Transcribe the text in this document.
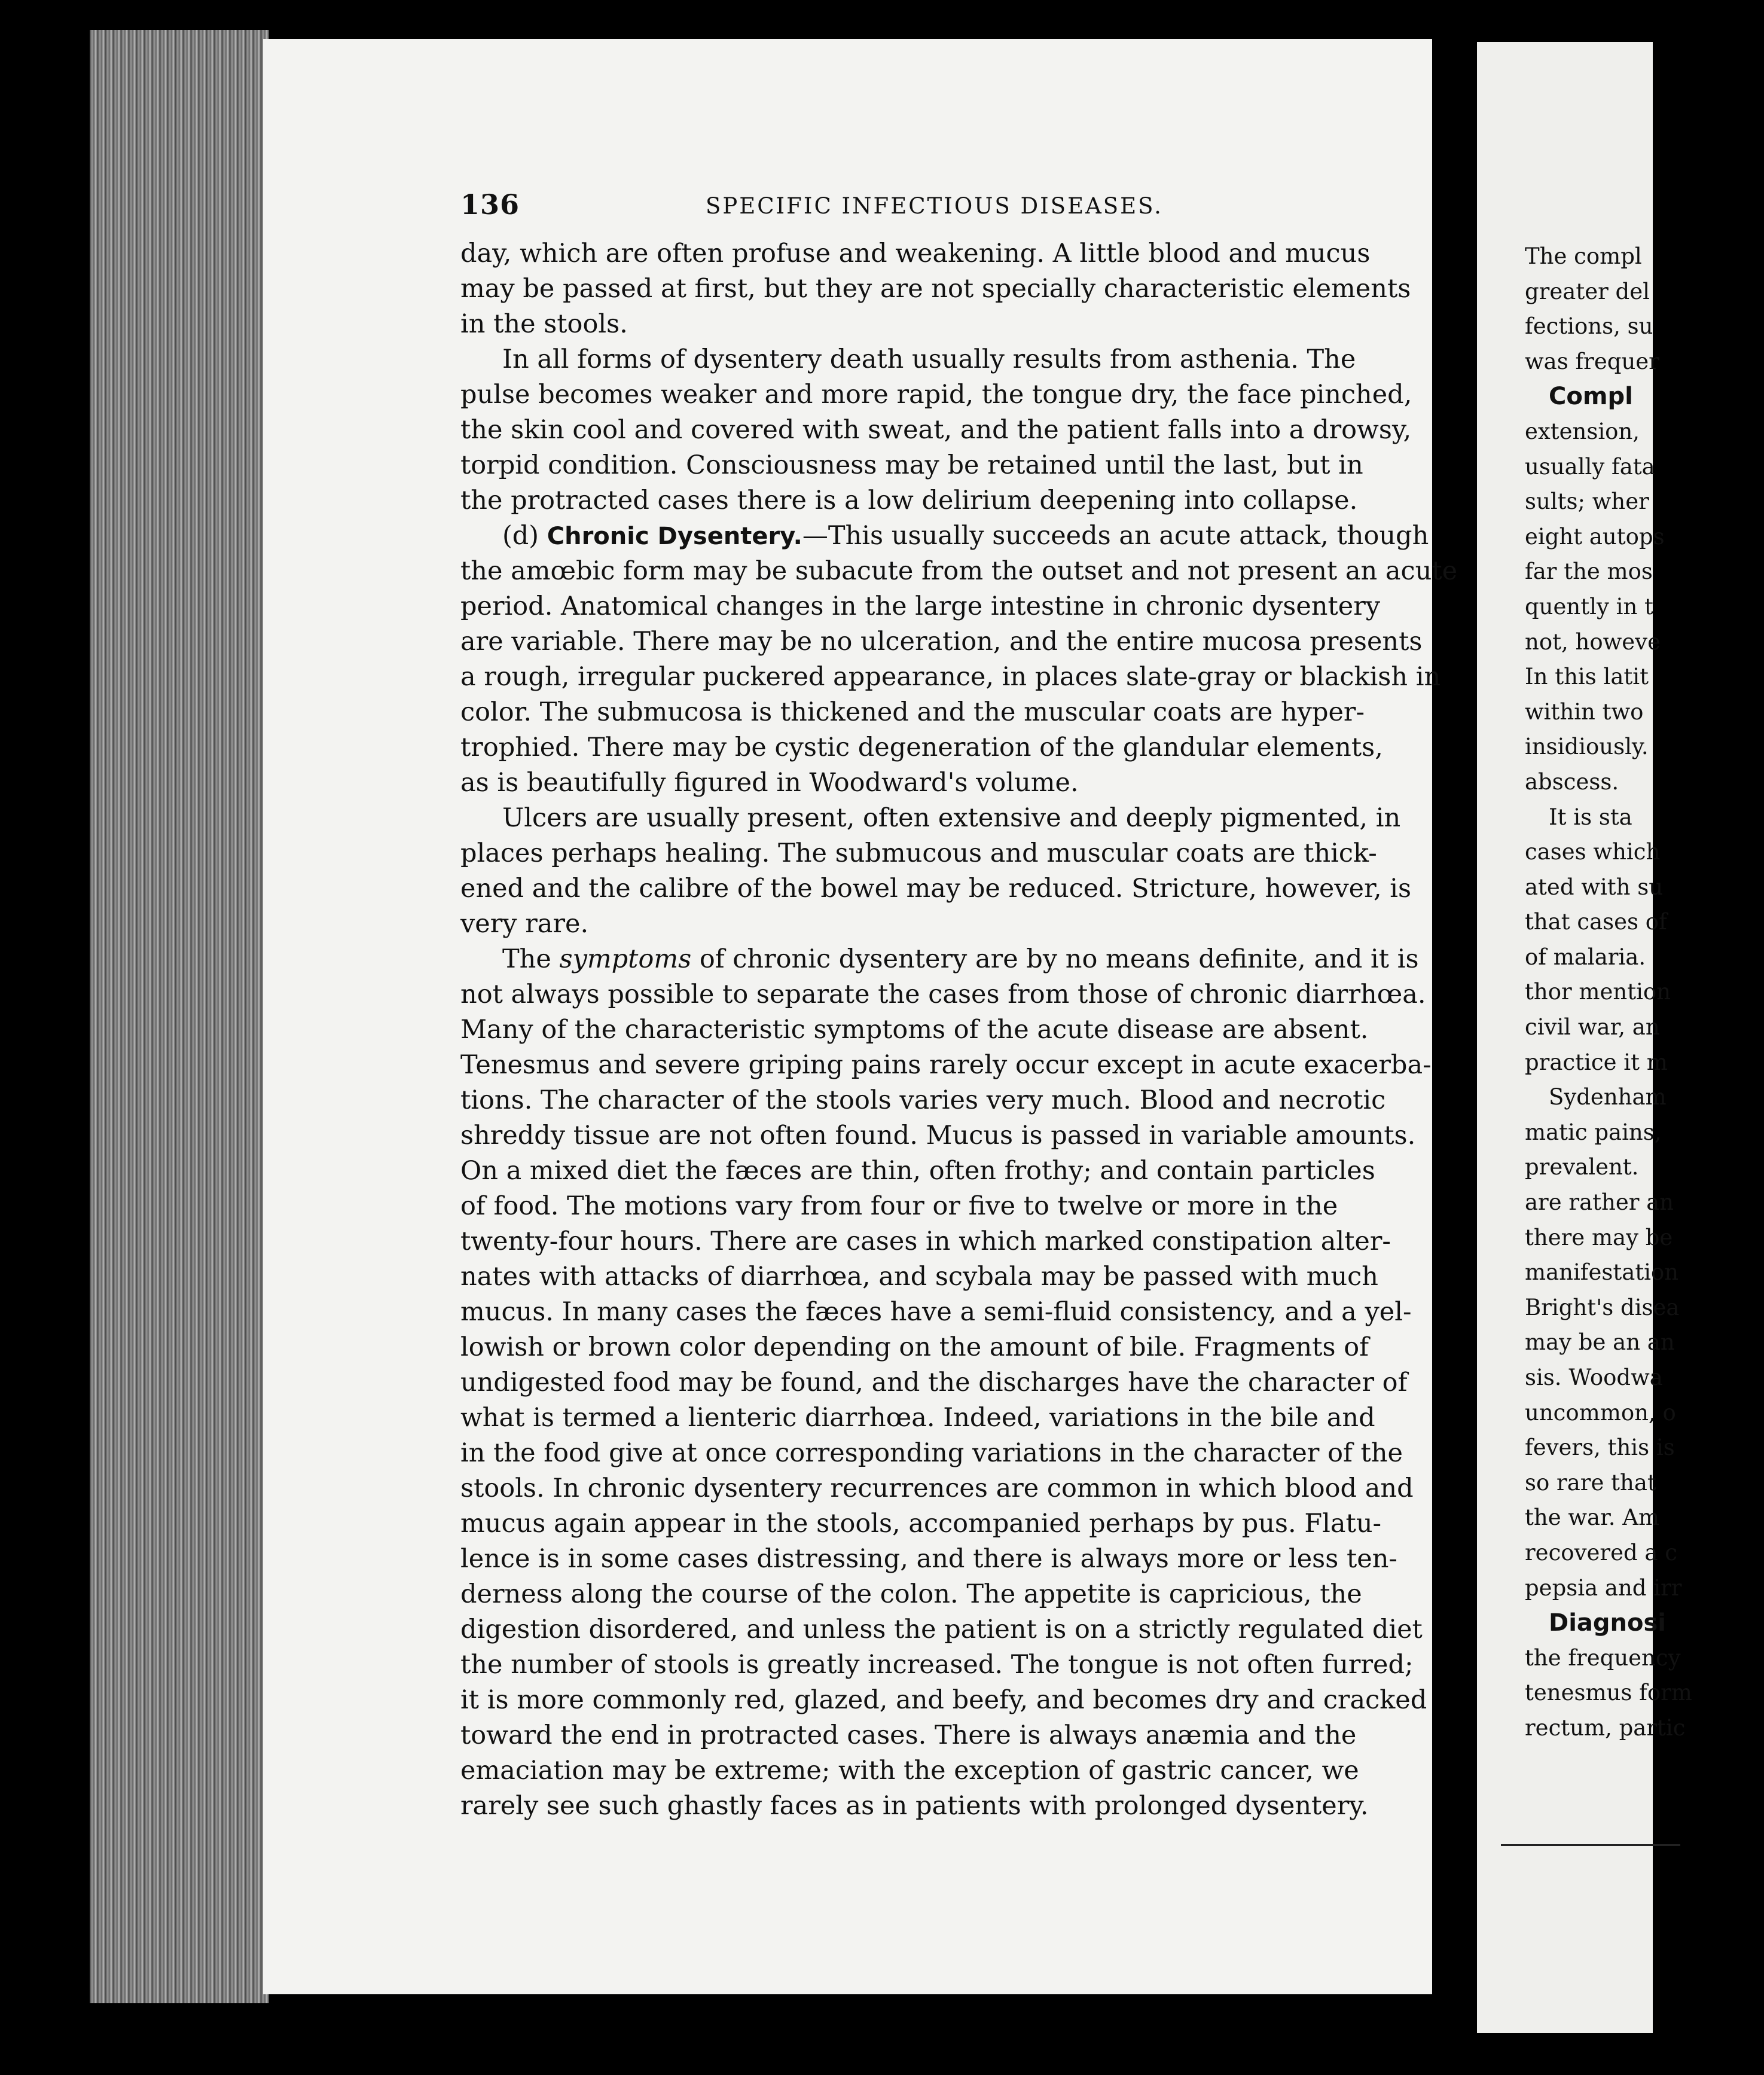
136	SPECIFIC INFECTIOUS DISEASES.
day, which are often profuse and weakening. A little blood and mucus
may be passed at first, but they are not specially characteristic elements
in the stools.
In all forms of dysentery death usually results from asthenia. The
pulse becomes weaker and more rapid, the tongue dry, the face pinched,
the skin cool and covered with sweat, and the patient falls into a drowsy,
torpid condition. Consciousness may be retained until the last, but in
the protracted cases there is a low delirium deepening into collapse.
(d) Chronic Dysentery.—This usually succeeds an acute attack, though
the amœbic form may be subacute from the outset and not present an acute
period. Anatomical changes in the large intestine in chronic dysentery
are variable. There may be no ulceration, and the entire mucosa presents
a rough, irregular puckered appearance, in places slate-gray or blackish in
color. The submucosa is thickened and the muscular coats are hyper-
trophied. There may be cystic degeneration of the glandular elements,
as is beautifully figured in Woodward's volume.
Ulcers are usually present, often extensive and deeply pigmented, in
places perhaps healing. The submucous and muscular coats are thick-
ened and the calibre of the bowel may be reduced. Stricture, however, is
very rare.
The symptoms of chronic dysentery are by no means definite, and it is
not always possible to separate the cases from those of chronic diarrhœa.
Many of the characteristic symptoms of the acute disease are absent.
Tenesmus and severe griping pains rarely occur except in acute exacerba-
tions. The character of the stools varies very much. Blood and necrotic
shreddy tissue are not often found. Mucus is passed in variable amounts.
On a mixed diet the fæces are thin, often frothy; and contain particles
of food. The motions vary from four or five to twelve or more in the
twenty-four hours. There are cases in which marked constipation alter-
nates with attacks of diarrhœa, and scybala may be passed with much
mucus. In many cases the fæces have a semi-fluid consistency, and a yel-
lowish or brown color depending on the amount of bile. Fragments of
undigested food may be found, and the discharges have the character of
what is termed a lienteric diarrhœa. Indeed, variations in the bile and
in the food give at once corresponding variations in the character of the
stools. In chronic dysentery recurrences are common in which blood and
mucus again appear in the stools, accompanied perhaps by pus. Flatu-
lence is in some cases distressing, and there is always more or less ten-
derness along the course of the colon. The appetite is capricious, the
digestion disordered, and unless the patient is on a strictly regulated diet
the number of stools is greatly increased. The tongue is not often furred;
it is more commonly red, glazed, and beefy, and becomes dry and cracked
toward the end in protracted cases. There is always anæmia and the
emaciation may be extreme; with the exception of gastric cancer, we
rarely see such ghastly faces as in patients with prolonged dysentery.
The compl
greater del
fections, su
was frequer
Compl
extension,
usually fata
sults; wher
eight autops
far the mos
quently in t
not, howeve
In this latit
within two
insidiously.
abscess.
It is sta
cases which
ated with su
that cases of
of malaria.
thor mention
civil war, an
practice it m
Sydenham
matic pains,
prevalent.
are rather an
there may be
manifestation
Bright's disea
may be an an
sis. Woodwa
uncommon, o
fevers, this is
so rare that
the war. Am
recovered a c
pepsia and irr
Diagnosi
the frequency
tenesmus form
rectum, partic
